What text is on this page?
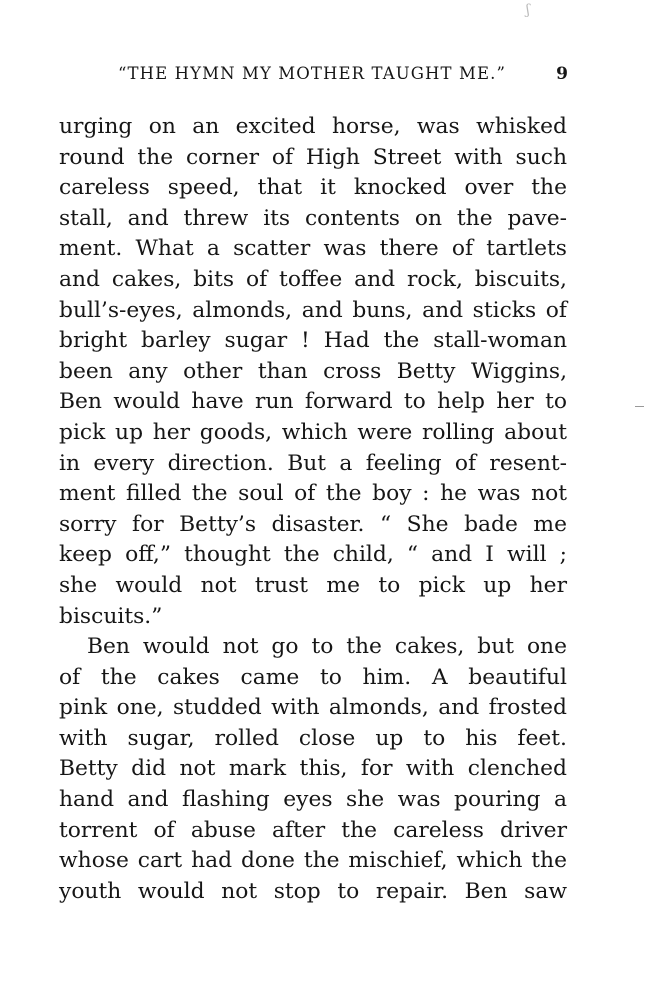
ʃ
“THE HYMN MY MOTHER TAUGHT ME.”	9
urging on an excited horse, was whisked
round the corner of High Street with such
careless speed, that it knocked over the
stall, and threw its contents on the pave-
ment. What a scatter was there of tartlets
and cakes, bits of toffee and rock, biscuits,
bull’s-eyes, almonds, and buns, and sticks of
bright barley sugar ! Had the stall-woman
been any other than cross Betty Wiggins,
Ben would have run forward to help her to
pick up her goods, which were rolling about
in every direction. But a feeling of resent-
ment filled the soul of the boy : he was not
sorry for Betty’s disaster. “ She bade me
keep off,” thought the child, “ and I will ;
she would not trust me to pick up her
biscuits.”
Ben would not go to the cakes, but one
of the cakes came to him. A beautiful
pink one, studded with almonds, and frosted
with sugar, rolled close up to his feet.
Betty did not mark this, for with clenched
hand and flashing eyes she was pouring a
torrent of abuse after the careless driver
whose cart had done the mischief, which the
youth would not stop to repair. Ben saw
